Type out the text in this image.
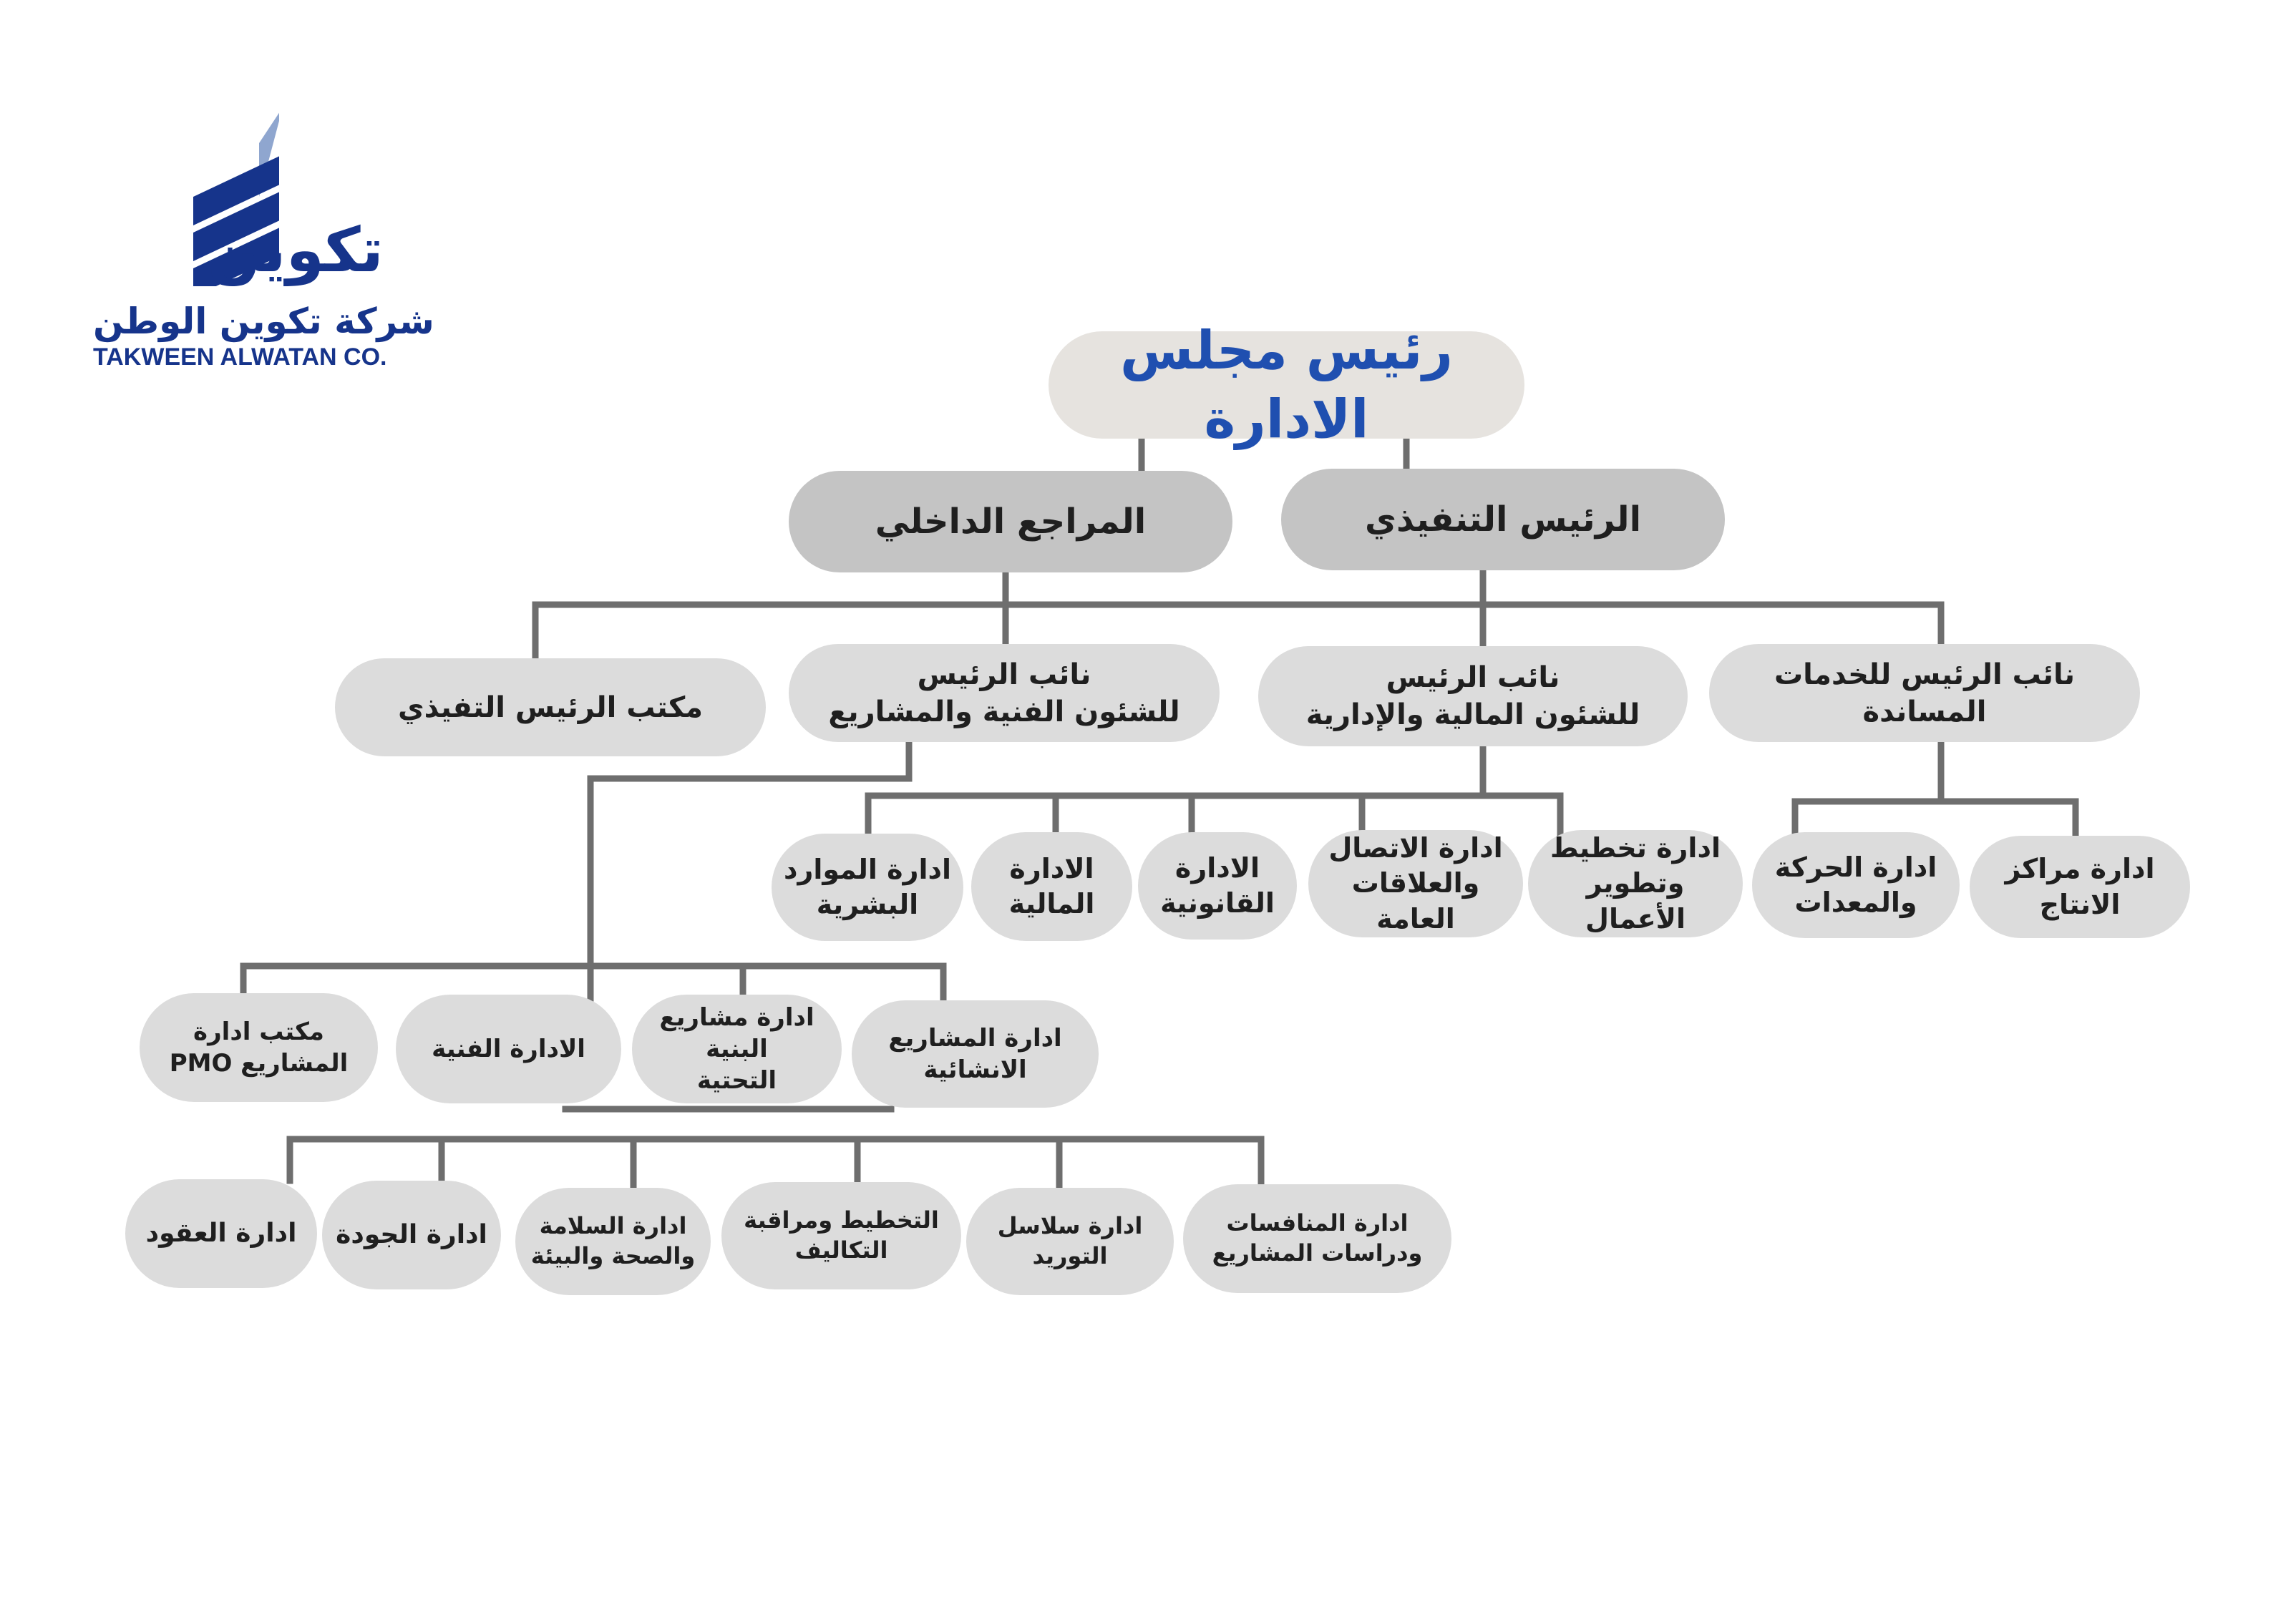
تكوين
شركة تكوين الوطن
TAKWEEN ALWATAN CO.	رئيس مجلس الادارة
الرئيس التنفيذي
المراجع الداخلي
نائب الرئيس للخدمات
المساندة
نائب الرئيس
للشئون المالية والإدارية
نائب الرئيس
للشئون الفنية والمشاريع
مكتب الرئيس التفيذي
ادارة مراكز
الانتاج
ادارة الحركة
والمعدات
ادارة تخطيط
وتطوير الأعمال
ادارة الاتصال
والعلاقات العامة
الادارة
القانونية
الادارة
المالية
ادارة الموارد
البشرية
ادارة المشاريع
الانشائية
ادارة مشاريع البنية
التحتية
الادارة الفنية
مكتب ادارة
المشاريع PMO
ادارة المنافسات
ودراسات المشاريع
ادارة سلاسل
التوريد
التخطيط ومراقبة
التكاليف
ادارة السلامة
والصحة والبيئة
ادارة الجودة
ادارة العقود
